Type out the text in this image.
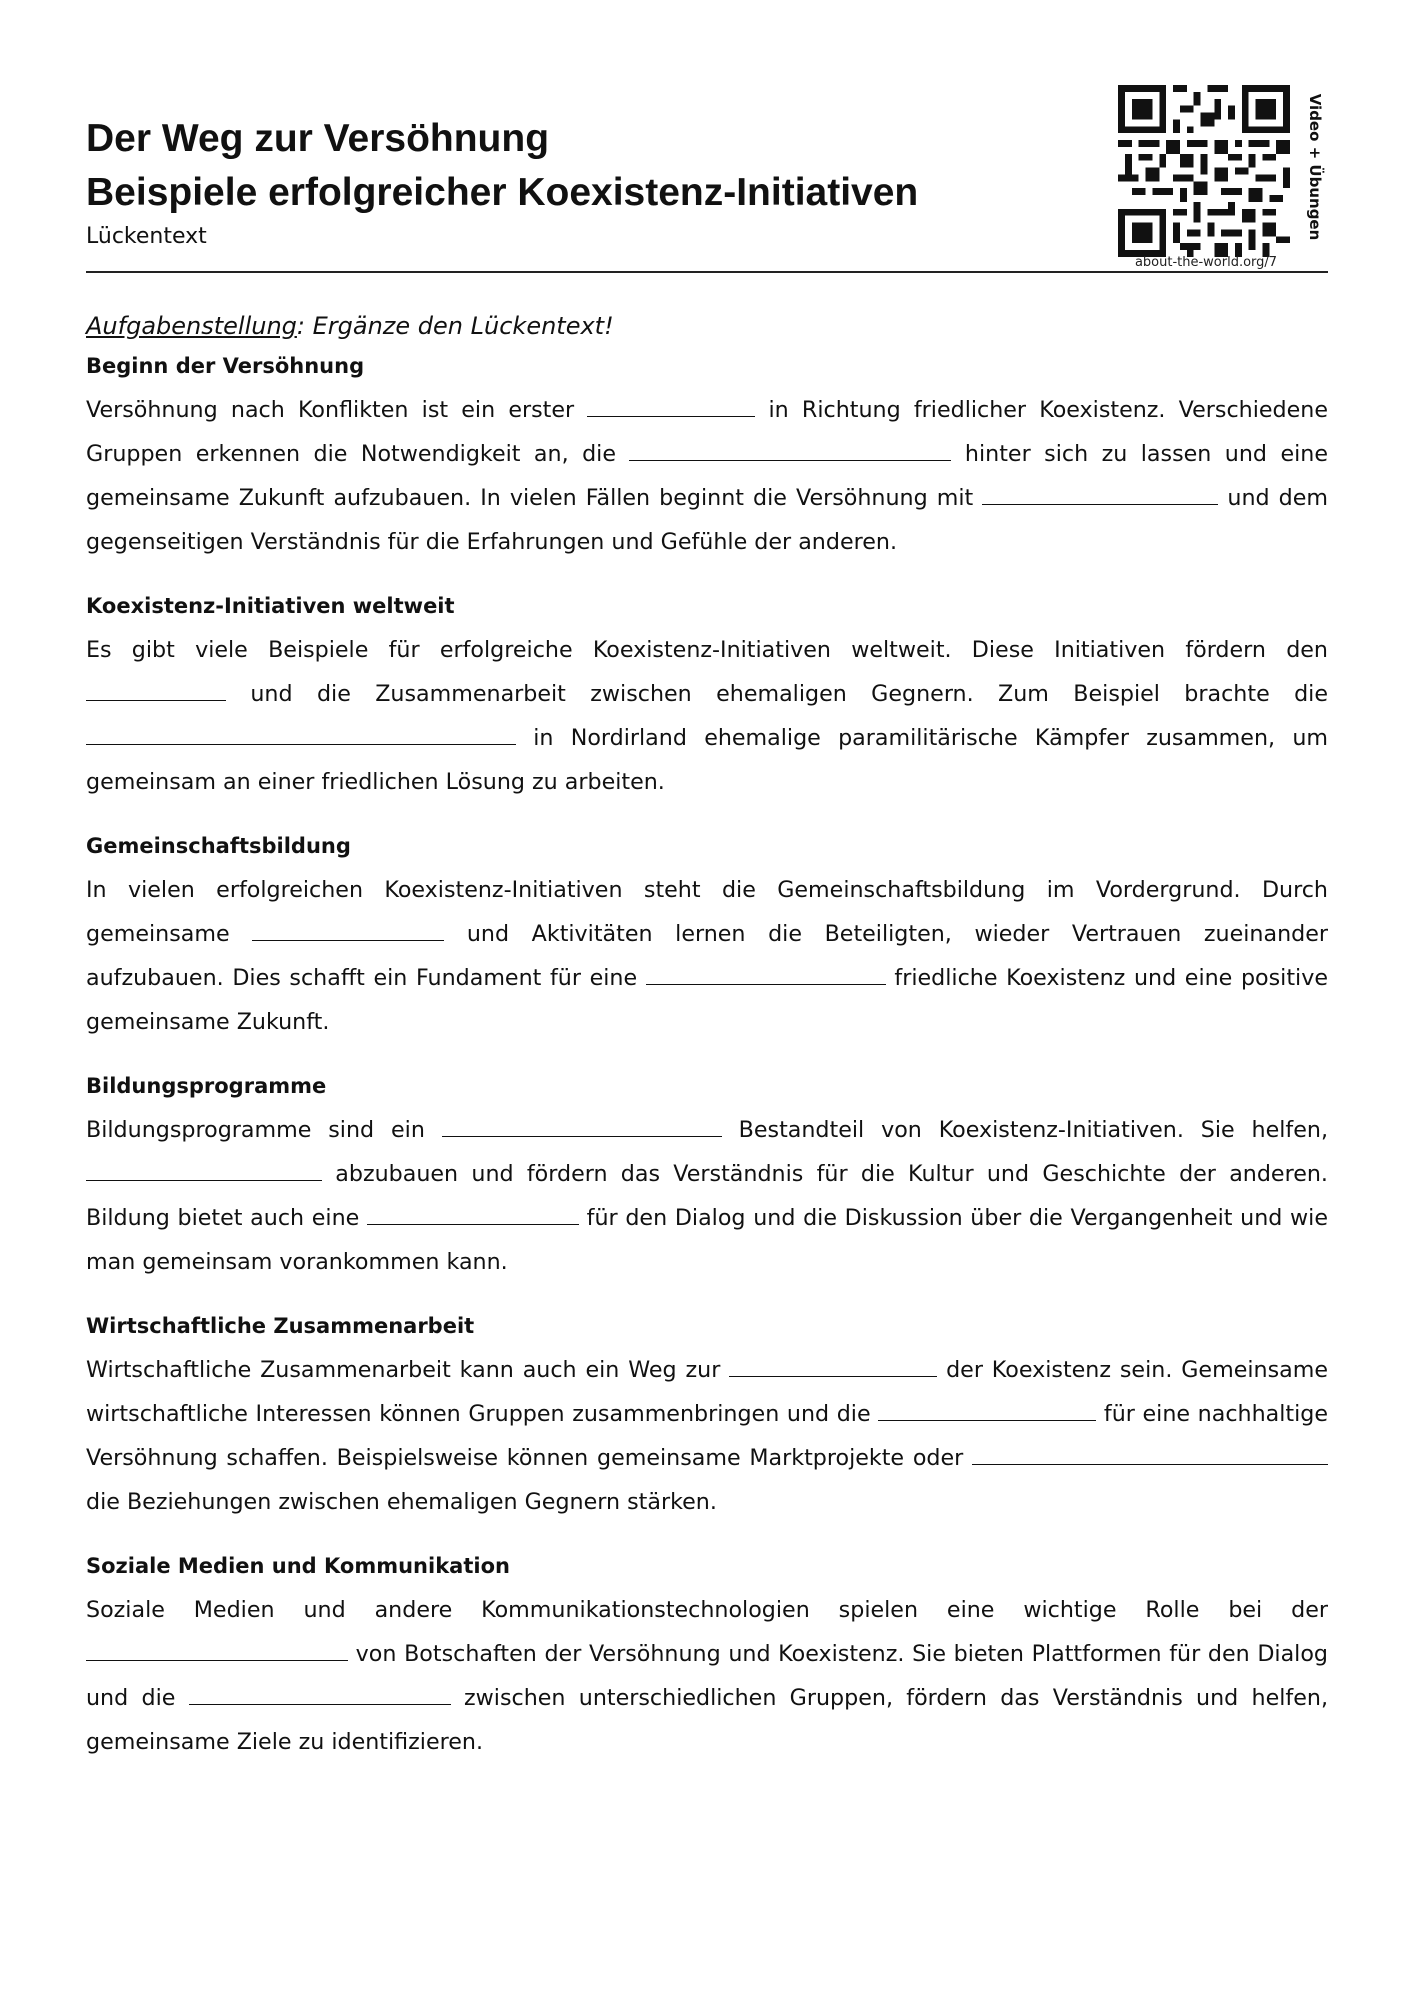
Der Weg zur Versöhnung
Beispiele erfolgreicher Koexistenz-Initiativen
Lückentext	Video + Übungen
about-the-world.org/7
Aufgabenstellung: Ergänze den Lückentext!
Beginn der Versöhnung

Versöhnung nach Konflikten ist ein erster	in Richtung friedlicher Koexistenz. Verschiedene Gruppen erkennen die Notwendigkeit an, die	hinter sich zu lassen und eine gemeinsame Zukunft aufzubauen. In vielen Fällen beginnt die Versöhnung mit	und dem gegenseitigen Verständnis für die Erfahrungen und Gefühle der anderen.

Koexistenz-Initiativen weltweit

Es gibt viele Beispiele für erfolgreiche Koexistenz-Initiativen weltweit. Diese Initiativen fördern den  und die Zusammenarbeit zwischen ehemaligen Gegnern. Zum Beispiel brachte die  in Nordirland ehemalige paramilitärische Kämpfer zusammen, um gemeinsam an einer friedlichen Lösung zu arbeiten.

Gemeinschaftsbildung

In vielen erfolgreichen Koexistenz-Initiativen steht die Gemeinschaftsbildung im Vordergrund. Durch gemeinsame	und Aktivitäten lernen die Beteiligten, wieder Vertrauen zueinander aufzubauen. Dies schafft ein Fundament für eine	friedliche Koexistenz und eine positive gemeinsame Zukunft.

Bildungsprogramme

Bildungsprogramme sind ein	Bestandteil von Koexistenz-Initiativen. Sie helfen,  abzubauen und fördern das Verständnis für die Kultur und Geschichte der anderen. Bildung bietet auch eine	für den Dialog und die Diskussion über die Vergangenheit und wie man gemeinsam vorankommen kann.

Wirtschaftliche Zusammenarbeit

Wirtschaftliche Zusammenarbeit kann auch ein Weg zur	der Koexistenz sein. Gemeinsame wirtschaftliche Interessen können Gruppen zusammenbringen und die	für eine nachhaltige Versöhnung schaffen. Beispielsweise können gemeinsame Marktprojekte oder  die Beziehungen zwischen ehemaligen Gegnern stärken.

Soziale Medien und Kommunikation

Soziale Medien und andere Kommunikationstechnologien spielen eine wichtige Rolle bei der  von Botschaften der Versöhnung und Koexistenz. Sie bieten Plattformen für den Dialog und die	zwischen unterschiedlichen Gruppen, fördern das Verständnis und helfen, gemeinsame Ziele zu identifizieren.
